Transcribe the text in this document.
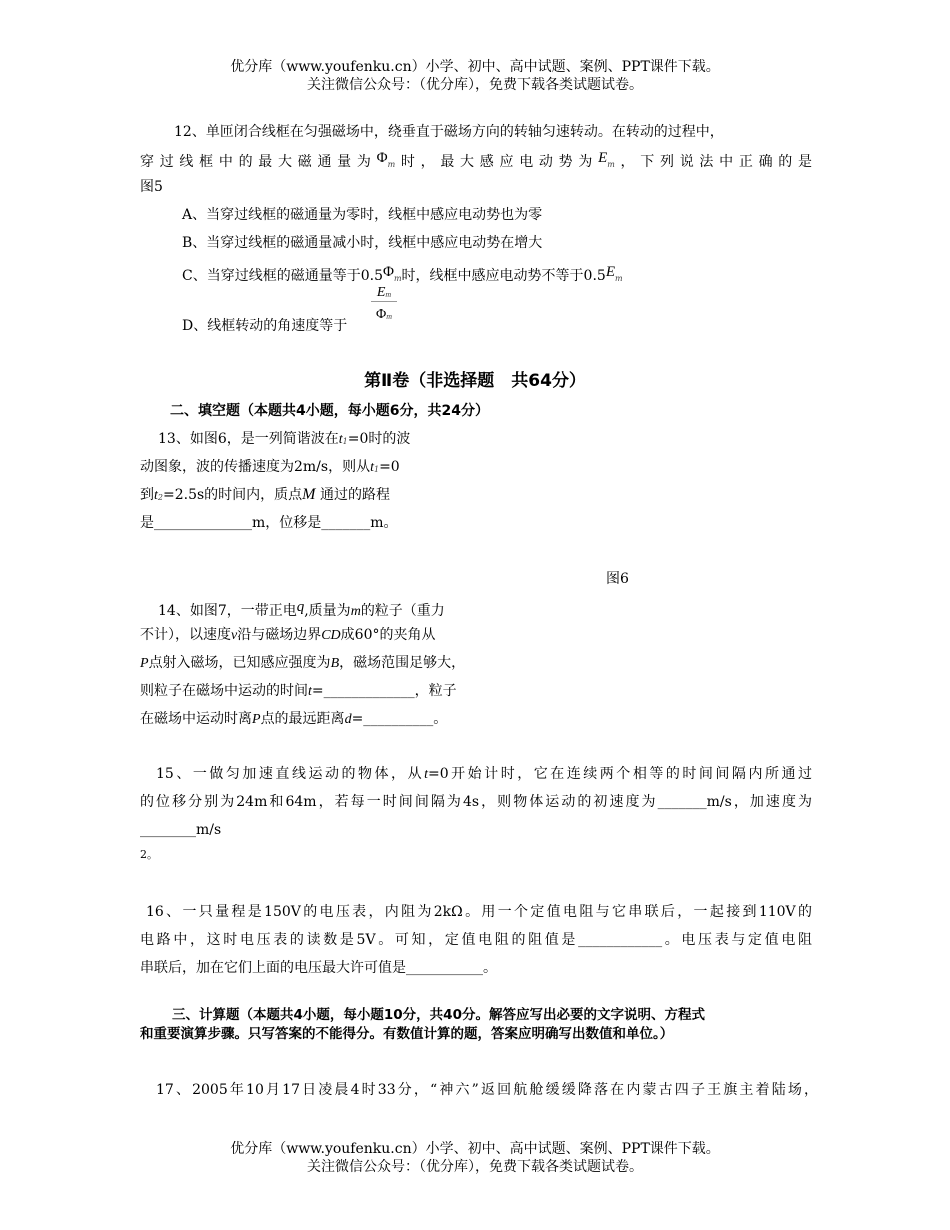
优分库（www.youfenku.cn）小学、初中、高中试题、案例、PPT课件下载。
关注微信公众号：（优分库），免费下载各类试题试卷。
12、单匝闭合线框在匀强磁场中，绕垂直于磁场方向的转轴匀速转动。在转动的过程中，
穿过线框中的最大磁通量为Φm时，最大感应电动势为Em，下列说法中正确的是
图5
A、当穿过线框的磁通量为零时，线框中感应电动势也为零
B、当穿过线框的磁通量减小时，线框中感应电动势在增大
C、当穿过线框的磁通量等于0.5Φm时，线框中感应电动势不等于0.5Em
Em
Φm
D、线框转动的角速度等于
第Ⅱ卷（非选择题　共64分）
二、填空题（本题共4小题，每小题6分，共24分）
13、如图6，是一列简谐波在t1=0时的波
动图象，波的传播速度为2m/s，则从t1=0
到t2=2.5s的时间内，质点M 通过的路程
是______________m，位移是_______m。
图6
14、如图7，一带正电q,质量为m的粒子（重力
不计），以速度v沿与磁场边界CD成60°的夹角从
P点射入磁场，已知感应强度为B，磁场范围足够大，
则粒子在磁场中运动的时间t=_____________，粒子
在磁场中运动时离P点的最远距离d=__________。
15、一做匀加速直线运动的物体，从t=0开始计时，它在连续两个相等的时间间隔内所通过
的位移分别为24m和64m，若每一时间间隔为4s，则物体运动的初速度为_______m/s，加速度为
________m/s
2。
16、一只量程是150V的电压表，内阻为2kΩ。用一个定值电阻与它串联后，一起接到110V的
电路中，这时电压表的读数是5V。可知，定值电阻的阻值是____________。电压表与定值电阻
串联后，加在它们上面的电压最大许可值是___________。
三、计算题（本题共4小题，每小题10分，共40分。解答应写出必要的文字说明、方程式
和重要演算步骤。只写答案的不能得分。有数值计算的题，答案应明确写出数值和单位。）
17、2005年10月17日凌晨4时33分，“神六”返回航舱缓缓降落在内蒙古四子王旗主着陆场，
优分库（www.youfenku.cn）小学、初中、高中试题、案例、PPT课件下载。
关注微信公众号：（优分库），免费下载各类试题试卷。
